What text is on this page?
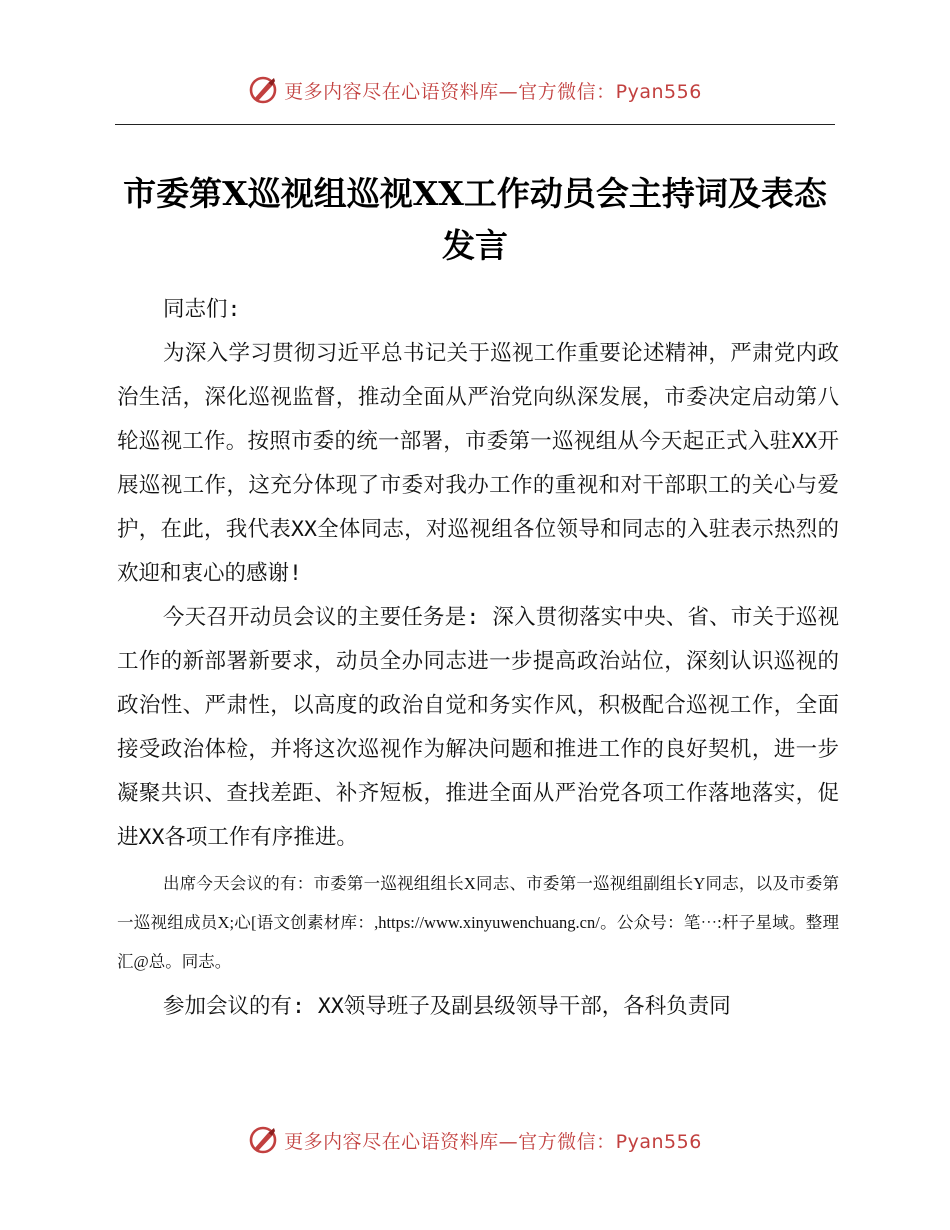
更多内容尽在心语资料库—官方微信：Pyan556
市委第X巡视组巡视XX工作动员会主持词及表态发言

同志们:

为深入学习贯彻习近平总书记关于巡视工作重要论述精神，严肃党内政治生活，深化巡视监督，推动全面从严治党向纵深发展，市委决定启动第八轮巡视工作。按照市委的统一部署，市委第一巡视组从今天起正式入驻XX开展巡视工作，这充分体现了市委对我办工作的重视和对干部职工的关心与爱护，在此，我代表XX全体同志，对巡视组各位领导和同志的入驻表示热烈的欢迎和衷心的感谢!

今天召开动员会议的主要任务是: 深入贯彻落实中央、省、市关于巡视工作的新部署新要求，动员全办同志进一步提高政治站位，深刻认识巡视的政治性、严肃性，以高度的政治自觉和务实作风，积极配合巡视工作，全面接受政治体检，并将这次巡视作为解决问题和推进工作的良好契机，进一步凝聚共识、查找差距、补齐短板，推进全面从严治党各项工作落地落实，促进XX各项工作有序推进。

出席今天会议的有：市委第一巡视组组长X同志、市委第一巡视组副组长Y同志，以及市委第一巡视组成员X;心[语文创素材库：,https://www.xinyuwenchuang.cn/。公众号：笔⋯:杆子星域。整理汇@总。同志。

参加会议的有: XX领导班子及副县级领导干部，各科负责同

更多内容尽在心语资料库—官方微信：Pyan556
